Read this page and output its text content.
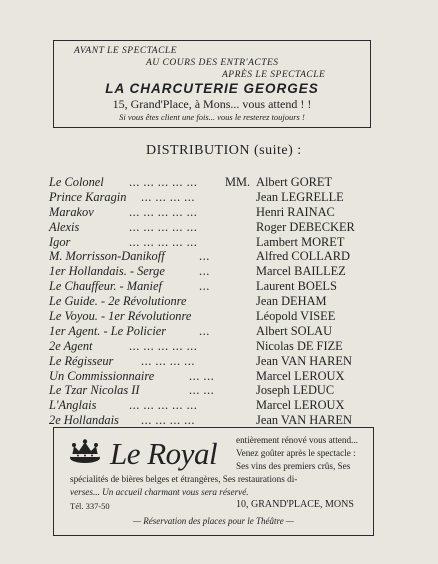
AVANT LE SPECTACLE
AU COURS DES ENTR'ACTES
APRÈS LE SPECTACLE
LA CHARCUTERIE GEORGES
15, Grand'Place, à Mons... vous attend ! !
Si vous êtes client une fois... vous le resterez toujours !
DISTRIBUTION (suite) :
Le Colonel ... ... ... ... ... MM. Albert GORET
Prince Karagin ... ... ... ...	Jean LEGRELLE
Marakov	... ... ... ... ...	Henri RAINAC
Alexis	... ... ... ... ...	Roger DEBECKER
Igor	... ... ... ... ...	Lambert MORET
M. Morrisson-Danikoff	...	Alfred COLLARD
1er Hollandais. - Serge	...	Marcel BAILLEZ
Le Chauffeur. - Manief	...	Laurent BOELS
Le Guide. - 2e Révolutionre	Jean DEHAM
Le Voyou. - 1er Révolutionre	Léopold VISEE
1er Agent. - Le Policier	...	Albert SOLAU
2e Agent	... ... ... ... ...	Nicolas DE FIZE
Le Régisseur ... ... ... ...	Jean VAN HAREN
Un Commissionnaire	... ...	Marcel LEROUX
Le Tzar Nicolas II	... ...	Joseph LEDUC
L'Anglais	... ... ... ... ...	Marcel LEROUX
2e Hollandais ... ... ... ...	Jean VAN HAREN
Le Royal entièrement rénové vous attend...
Venez goûter après le spectacle :
Ses vins des premiers crûs, Ses
spécialités de bières belges et étrangères, Ses restaurations di-
verses... Un accueil charmant vous sera réservé.
Tél. 337-50	10, GRAND'PLACE, MONS
— Réservation des places pour le Théâtre —
